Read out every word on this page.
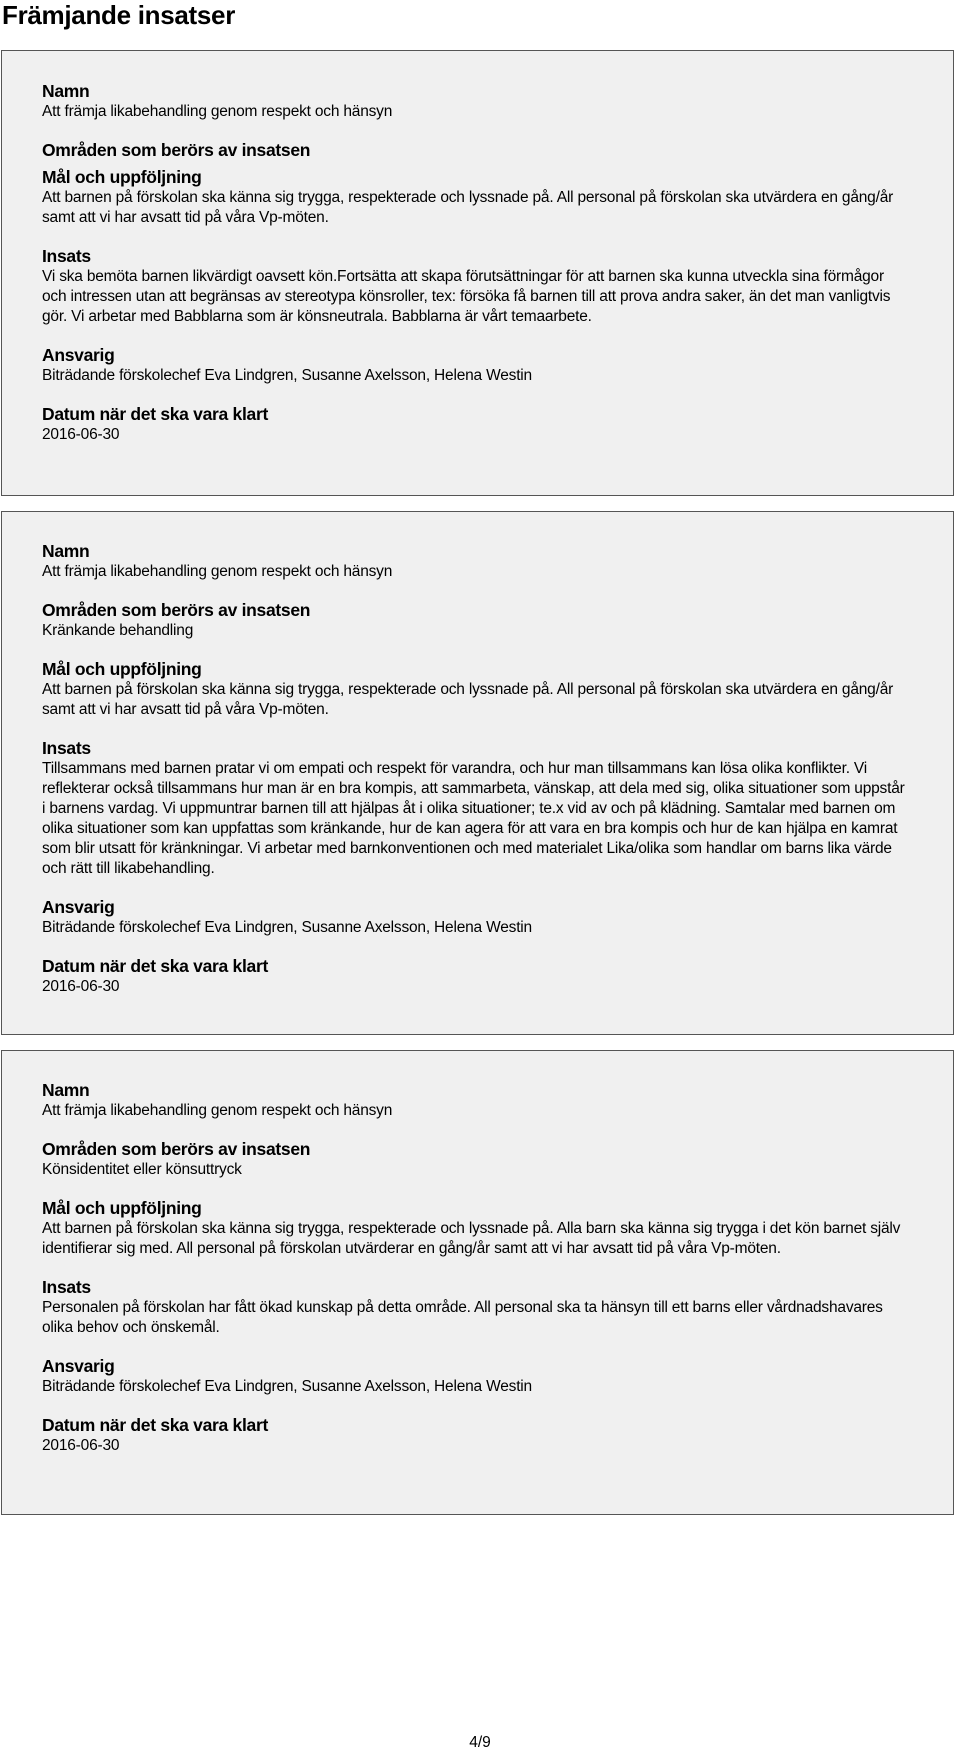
Främjande insatser
Namn
Att främja likabehandling genom respekt och hänsyn
Områden som berörs av insatsen
Mål och uppföljning
Att barnen på förskolan ska känna sig trygga, respekterade och lyssnade på. All personal på förskolan ska utvärdera en gång/år samt att vi har avsatt tid på våra Vp-möten.
Insats
Vi ska bemöta barnen likvärdigt oavsett kön.Fortsätta att skapa förutsättningar för att barnen ska kunna utveckla sina förmågor och intressen utan att begränsas av stereotypa könsroller, tex: försöka få barnen till att prova andra saker, än det man vanligtvis gör. Vi arbetar med Babblarna som är könsneutrala. Babblarna är vårt temaarbete.
Ansvarig
Biträdande förskolechef Eva Lindgren, Susanne Axelsson, Helena Westin
Datum när det ska vara klart
2016-06-30
Namn
Att främja likabehandling genom respekt och hänsyn
Områden som berörs av insatsen
Kränkande behandling
Mål och uppföljning
Att barnen på förskolan ska känna sig trygga, respekterade och lyssnade på. All personal på förskolan ska utvärdera en gång/år samt att vi har avsatt tid på våra Vp-möten.
Insats
Tillsammans med barnen pratar vi om empati och respekt för varandra, och hur man tillsammans kan lösa olika konflikter. Vi reflekterar också tillsammans hur man är en bra kompis, att sammarbeta, vänskap, att dela med sig, olika situationer som uppstår i barnens vardag. Vi uppmuntrar barnen till att hjälpas åt i olika situationer; te.x vid av och på klädning. Samtalar med barnen om olika situationer som kan uppfattas som kränkande, hur de kan agera för att vara en bra kompis och hur de kan hjälpa en kamrat som blir utsatt för kränkningar. Vi arbetar med barnkonventionen och med materialet Lika/olika som handlar om barns lika värde och rätt till likabehandling.
Ansvarig
Biträdande förskolechef Eva Lindgren, Susanne Axelsson, Helena Westin
Datum när det ska vara klart
2016-06-30
Namn
Att främja likabehandling genom respekt och hänsyn
Områden som berörs av insatsen
Könsidentitet eller könsuttryck
Mål och uppföljning
Att barnen på förskolan ska känna sig trygga, respekterade och lyssnade på. Alla barn ska känna sig trygga i det kön barnet själv identifierar sig med. All personal på förskolan utvärderar en gång/år samt att vi har avsatt tid på våra Vp-möten.
Insats
Personalen på förskolan har fått ökad kunskap på detta område. All personal ska ta hänsyn till ett barns eller vårdnadshavares olika behov och önskemål.
Ansvarig
Biträdande förskolechef Eva Lindgren, Susanne Axelsson, Helena Westin
Datum när det ska vara klart
2016-06-30
4/9
